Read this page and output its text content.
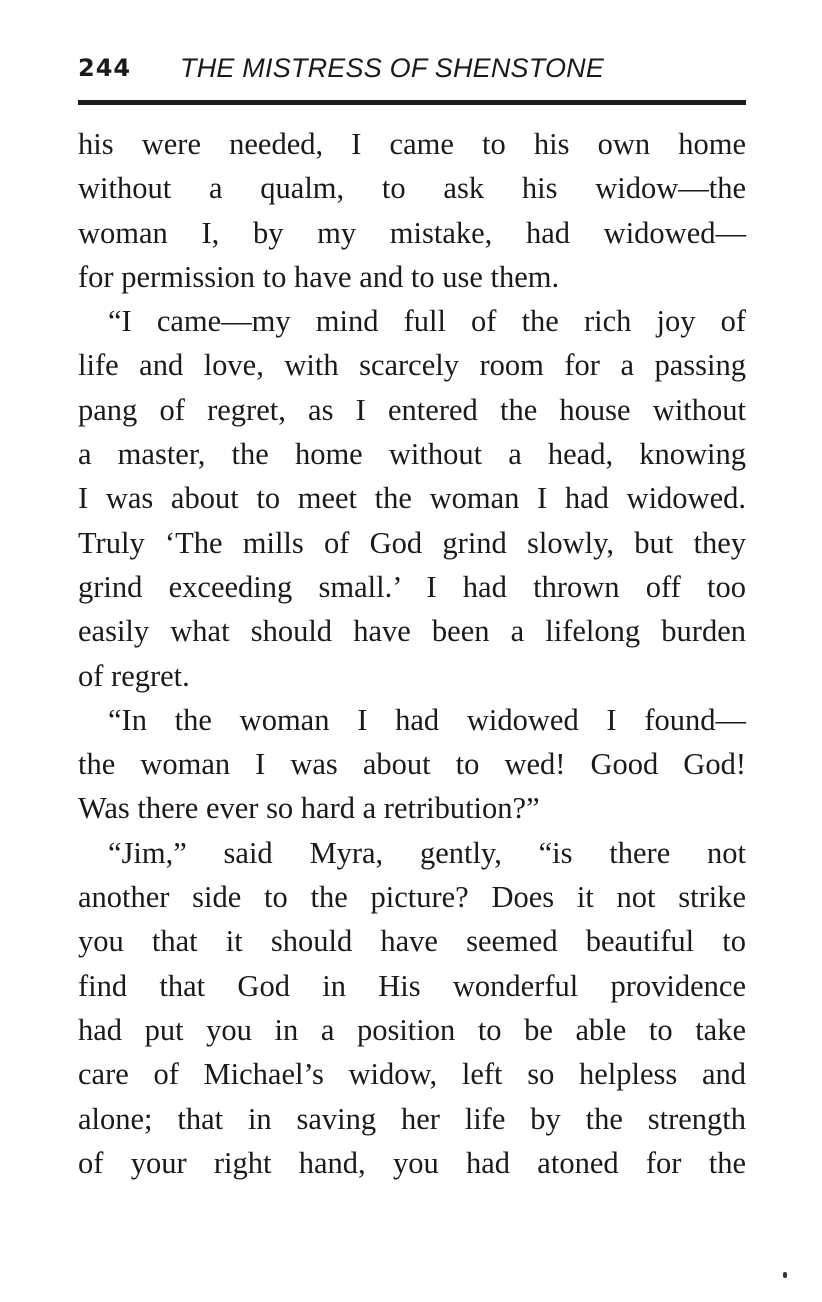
244 THE MISTRESS OF SHENSTONE
his were needed, I came to his own home
without a qualm, to ask his widow—the
woman I, by my mistake, had widowed—
for permission to have and to use them.
“I came—my mind full of the rich joy of
life and love, with scarcely room for a passing
pang of regret, as I entered the house without
a master, the home without a head, knowing
I was about to meet the woman I had widowed.
Truly ‘The mills of God grind slowly, but they
grind exceeding small.’ I had thrown off too
easily what should have been a lifelong burden
of regret.
“In the woman I had widowed I found—
the woman I was about to wed! Good God!
Was there ever so hard a retribution?”
“Jim,” said Myra, gently, “is there not
another side to the picture? Does it not strike
you that it should have seemed beautiful to
find that God in His wonderful providence
had put you in a position to be able to take
care of Michael’s widow, left so helpless and
alone; that in saving her life by the strength
of your right hand, you had atoned for the
